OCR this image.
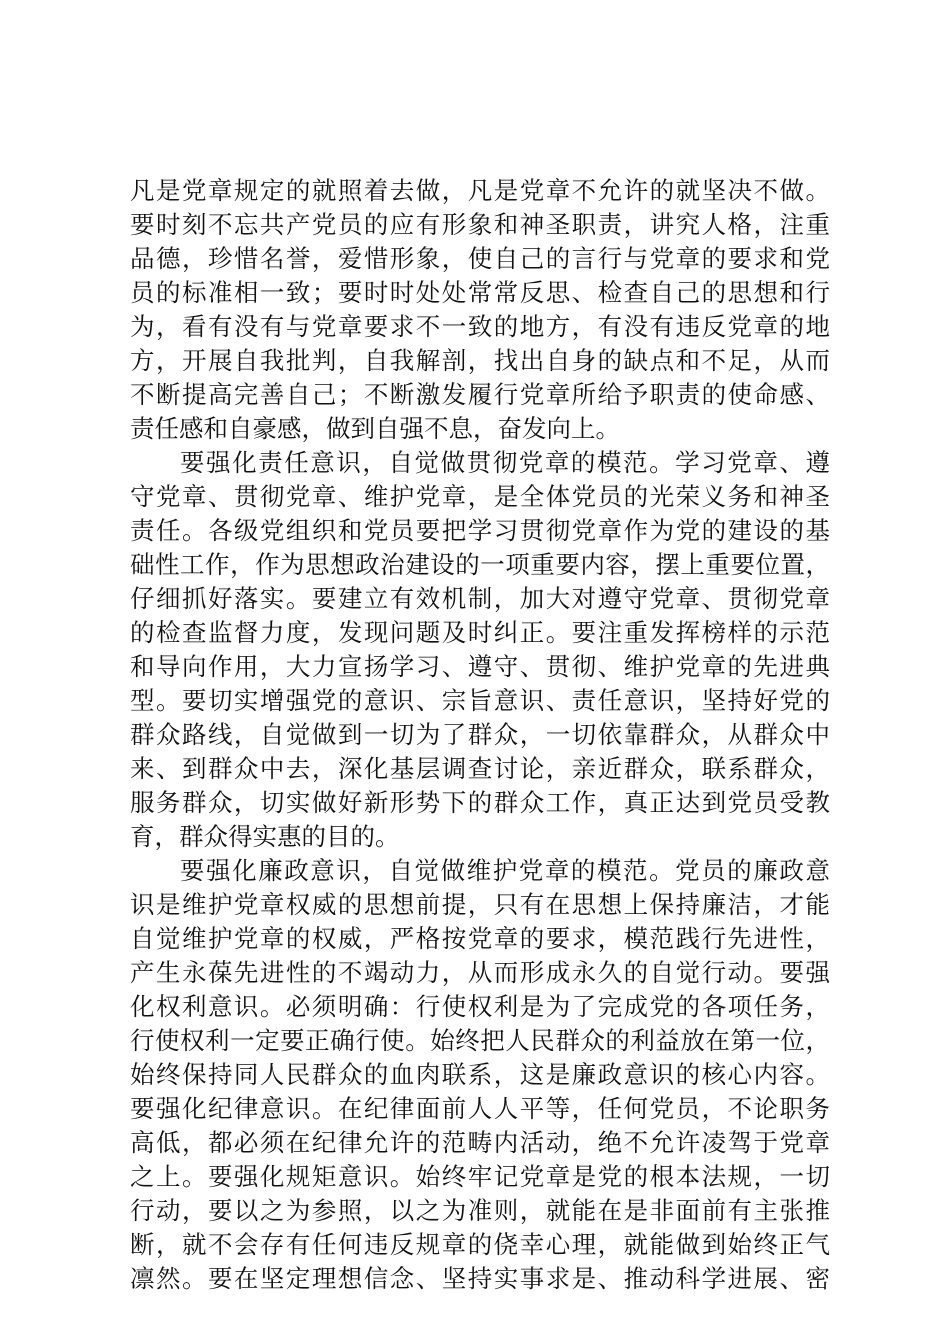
凡是党章规定的就照着去做，凡是党章不允许的就坚决不做。
要时刻不忘共产党员的应有形象和神圣职责，讲究人格，注重
品德，珍惜名誉，爱惜形象，使自己的言行与党章的要求和党
员的标准相一致；要时时处处常常反思、检查自己的思想和行
为，看有没有与党章要求不一致的地方，有没有违反党章的地
方，开展自我批判，自我解剖，找出自身的缺点和不足，从而
不断提高完善自己；不断激发履行党章所给予职责的使命感、
责任感和自豪感，做到自强不息，奋发向上。
要强化责任意识，自觉做贯彻党章的模范。学习党章、遵
守党章、贯彻党章、维护党章，是全体党员的光荣义务和神圣
责任。各级党组织和党员要把学习贯彻党章作为党的建设的基
础性工作，作为思想政治建设的一项重要内容，摆上重要位置，
仔细抓好落实。要建立有效机制，加大对遵守党章、贯彻党章
的检查监督力度，发现问题及时纠正。要注重发挥榜样的示范
和导向作用，大力宣扬学习、遵守、贯彻、维护党章的先进典
型。要切实增强党的意识、宗旨意识、责任意识，坚持好党的
群众路线，自觉做到一切为了群众，一切依靠群众，从群众中
来、到群众中去，深化基层调查讨论，亲近群众，联系群众，
服务群众，切实做好新形势下的群众工作，真正达到党员受教
育，群众得实惠的目的。
要强化廉政意识，自觉做维护党章的模范。党员的廉政意
识是维护党章权威的思想前提，只有在思想上保持廉洁，才能
自觉维护党章的权威，严格按党章的要求，模范践行先进性，
产生永葆先进性的不竭动力，从而形成永久的自觉行动。要强
化权利意识。必须明确：行使权利是为了完成党的各项任务，
行使权利一定要正确行使。始终把人民群众的利益放在第一位，
始终保持同人民群众的血肉联系，这是廉政意识的核心内容。
要强化纪律意识。在纪律面前人人平等，任何党员，不论职务
高低，都必须在纪律允许的范畴内活动，绝不允许凌驾于党章
之上。要强化规矩意识。始终牢记党章是党的根本法规，一切
行动，要以之为参照，以之为准则，就能在是非面前有主张推
断，就不会存有任何违反规章的侥幸心理，就能做到始终正气
凛然。要在坚定理想信念、坚持实事求是、推动科学进展、密
